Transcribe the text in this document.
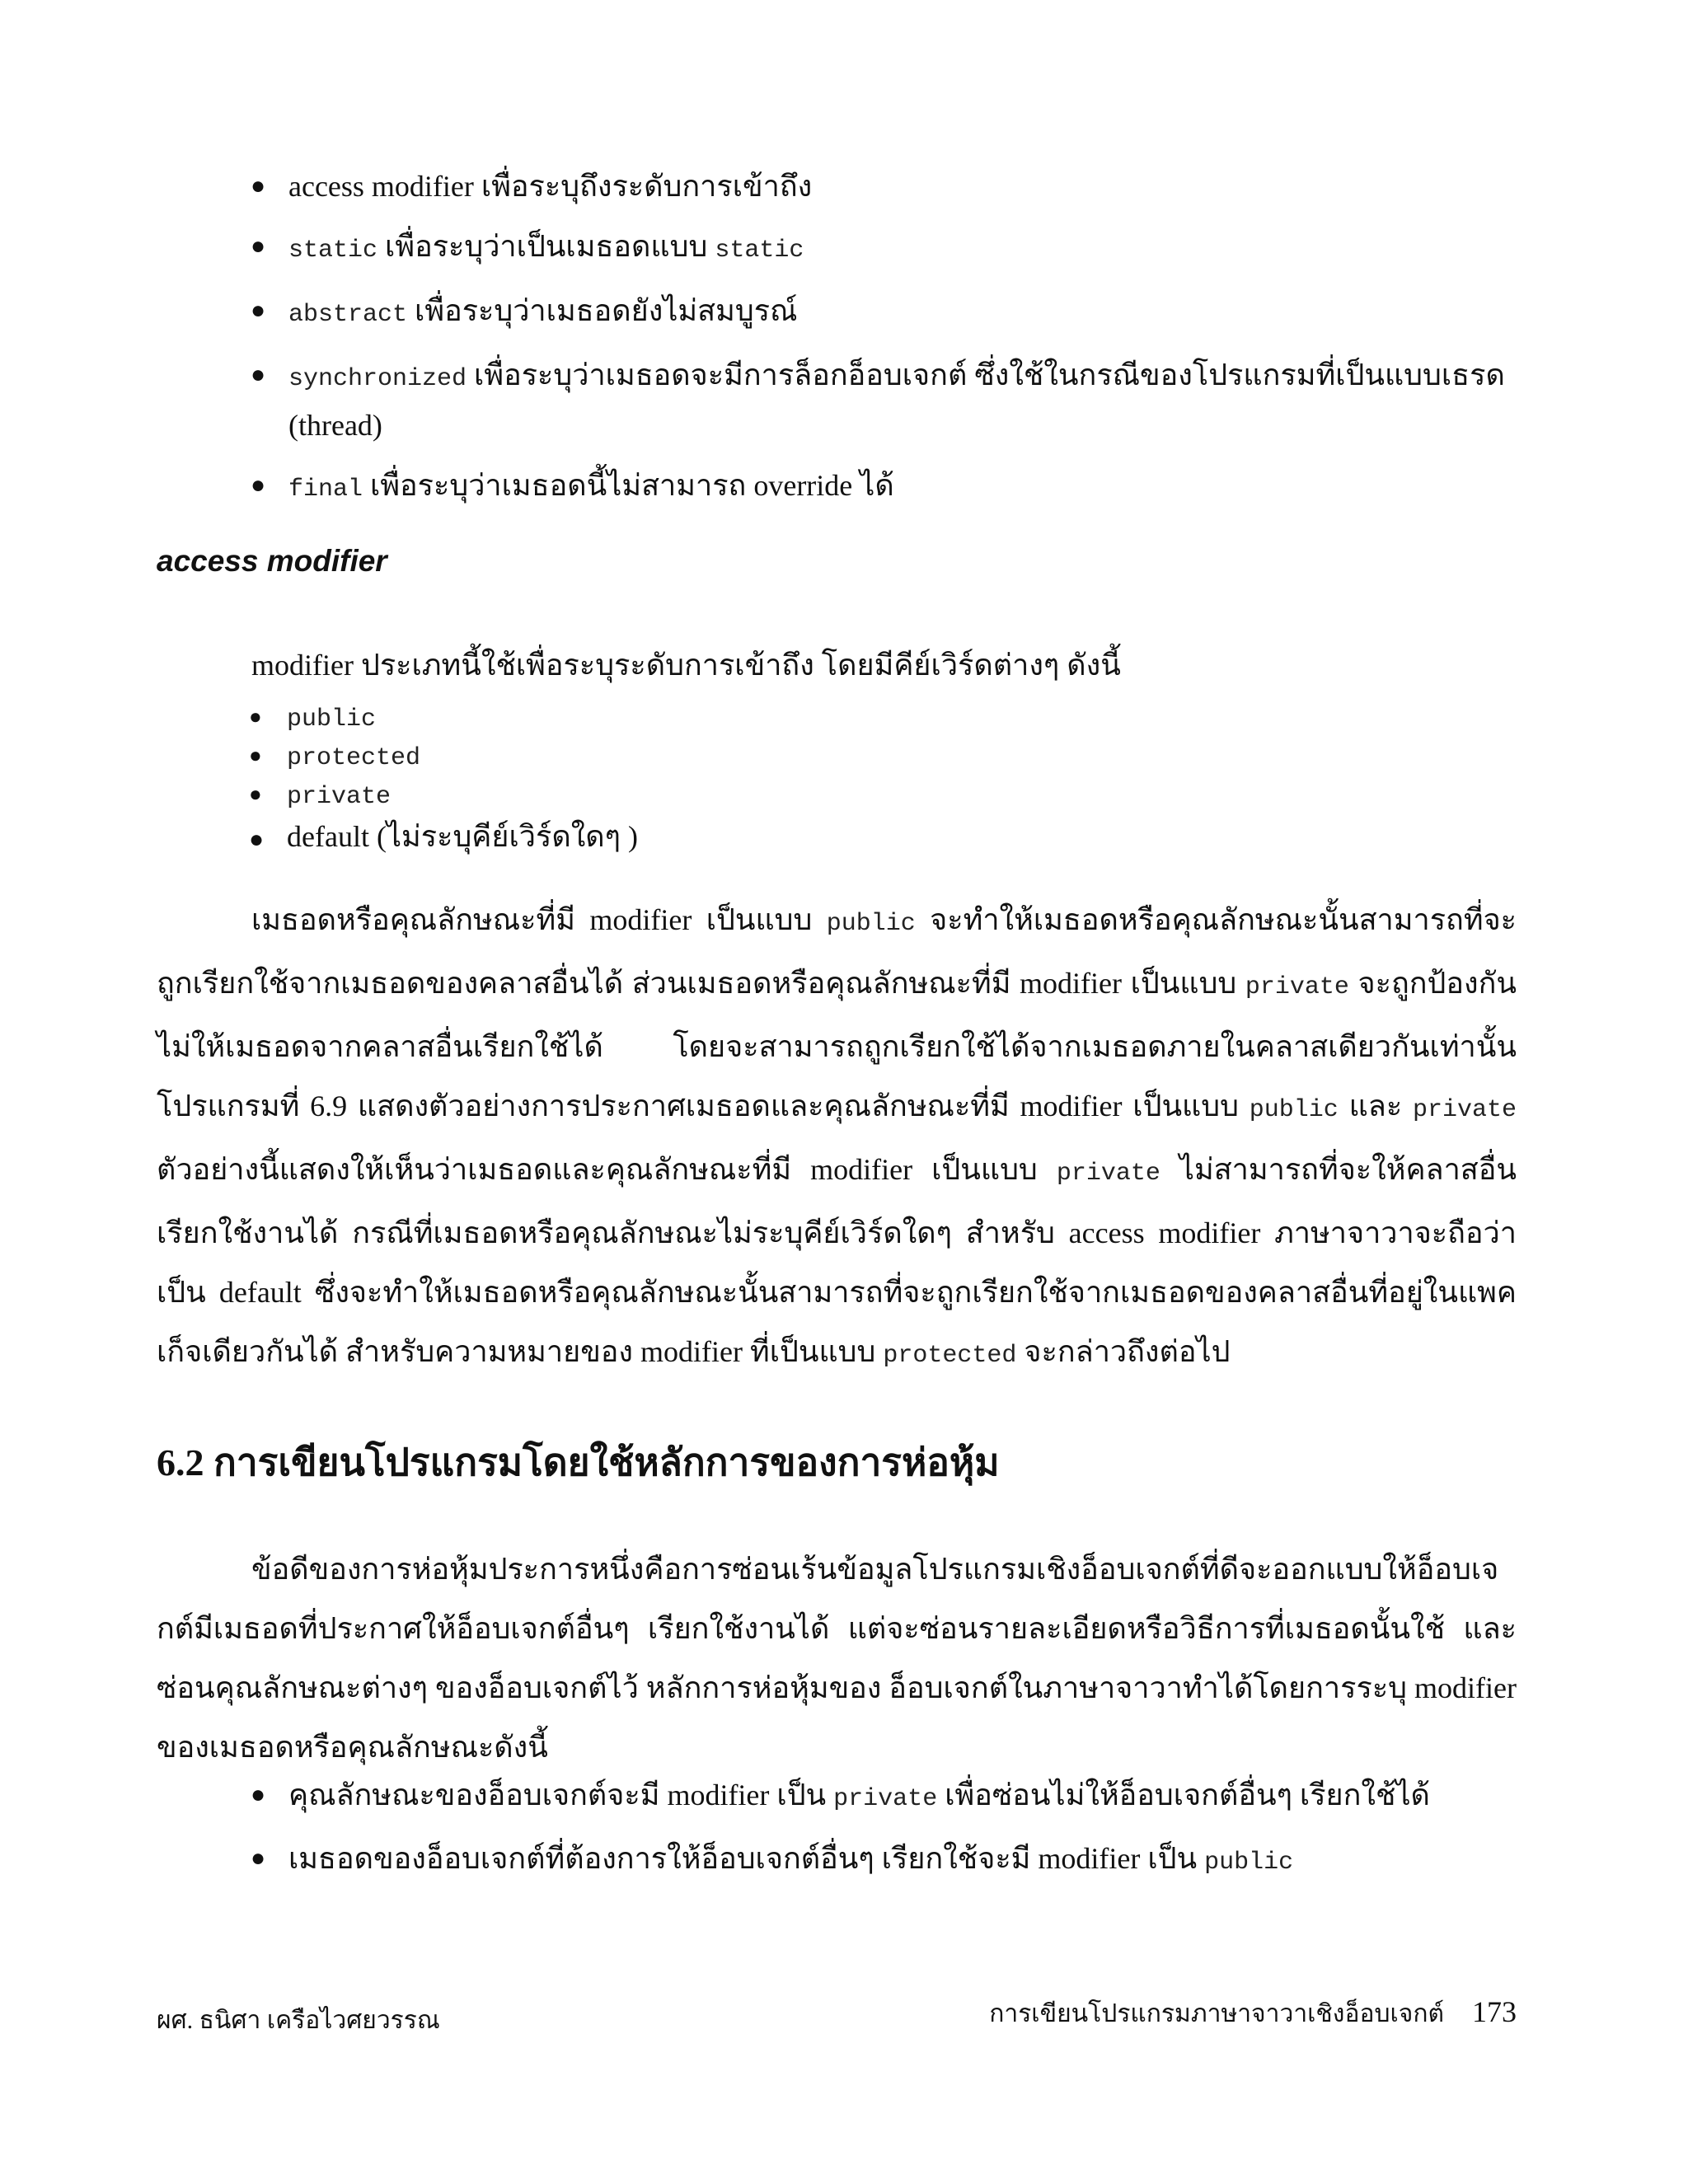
● access modifier เพื่อระบุถึงระดับการเข้าถึง
● static เพื่อระบุว่าเป็นเมธอดแบบ static
● abstract เพื่อระบุว่าเมธอดยังไม่สมบูรณ์
● synchronized เพื่อระบุว่าเมธอดจะมีการล็อกอ็อบเจกต์ ซึ่งใช้ในกรณีของโปรแกรมที่เป็นแบบเธรด (thread)
● final เพื่อระบุว่าเมธอดนี้ไม่สามารถ override ได้
access modifier

modifier ประเภทนี้ใช้เพื่อระบุระดับการเข้าถึง โดยมีคีย์เวิร์ดต่างๆ ดังนี้

● public
● protected
● private
● default (ไม่ระบุคีย์เวิร์ดใดๆ )

เมธอดหรือคุณลักษณะที่มี modifier เป็นแบบ public จะทำให้เมธอดหรือคุณลักษณะนั้นสามารถที่จะถูกเรียกใช้จากเมธอดของคลาสอื่นได้ ส่วนเมธอดหรือคุณลักษณะที่มี modifier เป็นแบบ private จะถูกป้องกันไม่ให้เมธอดจากคลาสอื่นเรียกใช้ได้ โดยจะสามารถถูกเรียกใช้ได้จากเมธอดภายในคลาสเดียวกันเท่านั้น โปรแกรมที่ 6.9 แสดงตัวอย่างการประกาศเมธอดและคุณลักษณะที่มี modifier เป็นแบบ public และ private ตัวอย่างนี้แสดงให้เห็นว่าเมธอดและคุณลักษณะที่มี modifier เป็นแบบ private ไม่สามารถที่จะให้คลาสอื่นเรียกใช้งานได้ กรณีที่เมธอดหรือคุณลักษณะไม่ระบุคีย์เวิร์ดใดๆ สำหรับ access modifier ภาษาจาวาจะถือว่าเป็น default ซึ่งจะทำให้เมธอดหรือคุณลักษณะนั้นสามารถที่จะถูกเรียกใช้จากเมธอดของคลาสอื่นที่อยู่ในแพคเก็จเดียวกันได้ สำหรับความหมายของ modifier ที่เป็นแบบ protected จะกล่าวถึงต่อไป

6.2 การเขียนโปรแกรมโดยใช้หลักการของการห่อหุ้ม

ข้อดีของการห่อหุ้มประการหนึ่งคือการซ่อนเร้นข้อมูลโปรแกรมเชิงอ็อบเจกต์ที่ดีจะออกแบบให้อ็อบเจกต์มีเมธอดที่ประกาศให้อ็อบเจกต์อื่นๆ เรียกใช้งานได้ แต่จะซ่อนรายละเอียดหรือวิธีการที่เมธอดนั้นใช้ และซ่อนคุณลักษณะต่างๆ ของอ็อบเจกต์ไว้ หลักการห่อหุ้มของ อ็อบเจกต์ในภาษาจาวาทำได้โดยการระบุ modifier ของเมธอดหรือคุณลักษณะดังนี้

● คุณลักษณะของอ็อบเจกต์จะมี modifier เป็น private เพื่อซ่อนไม่ให้อ็อบเจกต์อื่นๆ เรียกใช้ได้
● เมธอดของอ็อบเจกต์ที่ต้องการให้อ็อบเจกต์อื่นๆ เรียกใช้จะมี modifier เป็น public
ผศ. ธนิศา เครือไวศยวรรณ	การเขียนโปรแกรมภาษาจาวาเชิงอ็อบเจกต์ 173
